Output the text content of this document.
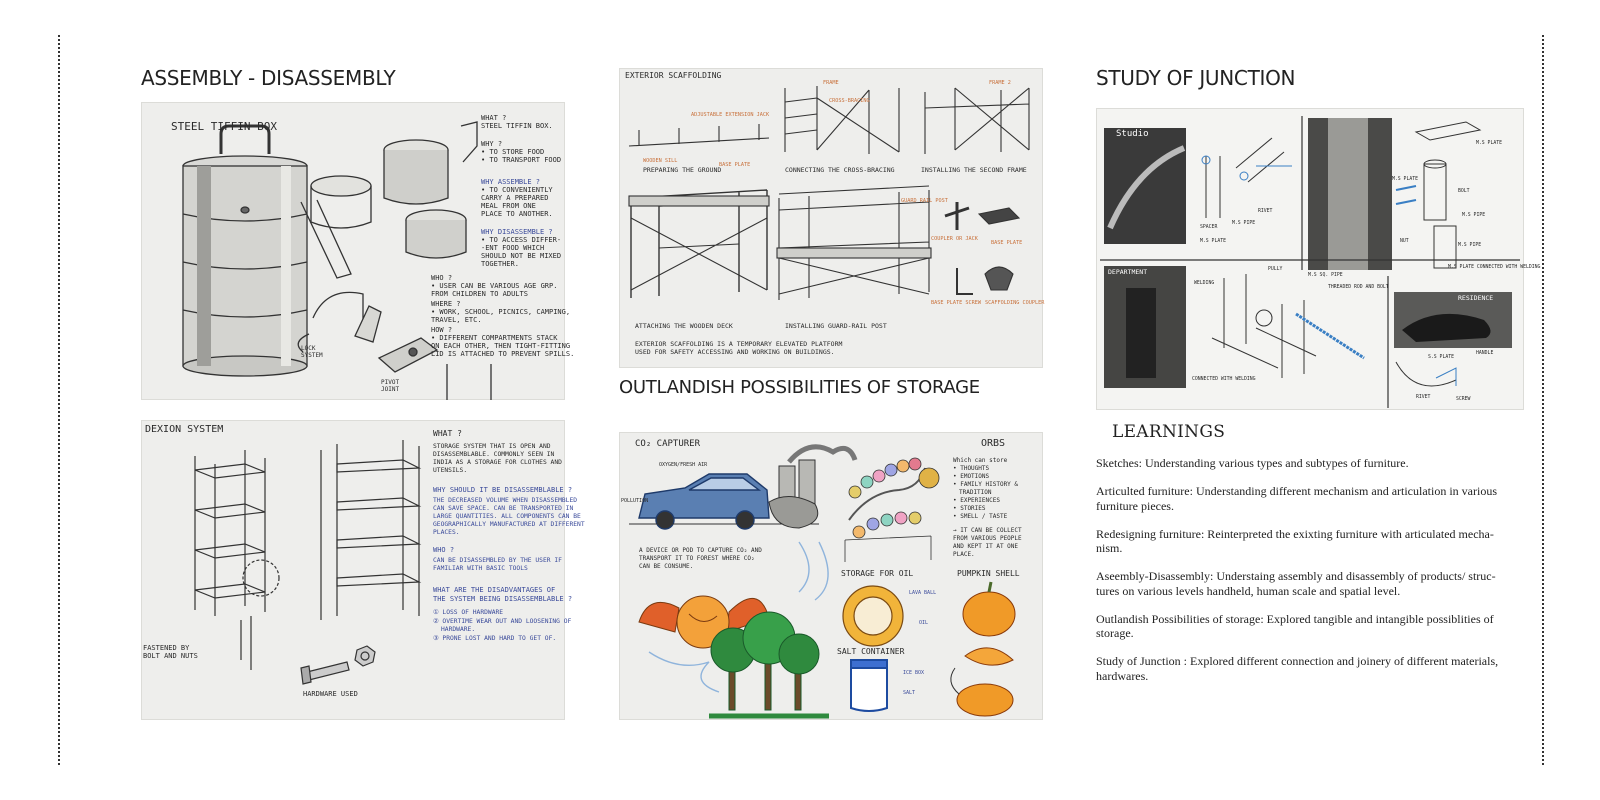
ASSEMBLY - DISASSEMBLY
OUTLANDISH POSSIBILITIES OF STORAGE
STUDY OF JUNCTION
STEEL TIFFIN BOX
WHAT ?
STEEL TIFFIN BOX.
WHY ?
• TO STORE FOOD
• TO TRANSPORT FOOD
WHY ASSEMBLE ?
• TO CONVENIENTLY
CARRY A PREPARED
MEAL FROM ONE
PLACE TO ANOTHER.
WHY DISASSEMBLE ?
• TO ACCESS DIFFER-
-ENT FOOD WHICH
SHOULD NOT BE MIXED
TOGETHER.
WHO ?
• USER CAN BE VARIOUS AGE GRP.
FROM CHILDREN TO ADULTS
WHERE ?
• WORK, SCHOOL, PICNICS, CAMPING,
TRAVEL, ETC.
HOW ?
• DIFFERENT COMPARTMENTS STACK
ON EACH OTHER, THEN TIGHT-FITTING
LID IS ATTACHED TO PREVENT SPILLS.
LOCK
SYSTEM
PIVOT
JOINT
DEXION SYSTEM	WHAT ?
STORAGE SYSTEM THAT IS OPEN AND
DISASSEMBLABLE. COMMONLY SEEN IN
INDIA AS A STORAGE FOR CLOTHES AND
UTENSILS.
WHY SHOULD IT BE DISASSEMBLABLE ?
THE DECREASED VOLUME WHEN DISASSEMBLED
CAN SAVE SPACE. CAN BE TRANSPORTED IN
LARGE QUANTITIES. ALL COMPONENTS CAN BE
GEOGRAPHICALLY MANUFACTURED AT DIFFERENT
PLACES.
WHO ?
CAN BE DISASSEMBLED BY THE USER IF
FAMILIAR WITH BASIC TOOLS
WHAT ARE THE DISADVANTAGES OF
THE SYSTEM BEING DISASSEMBLABLE ?
① LOSS OF HARDWARE
② OVERTIME WEAR OUT AND LOOSENING OF
HARDWARE.
③ PRONE LOST AND HARD TO GET OF.
FASTENED BY
BOLT AND NUTS
HARDWARE USED
EXTERIOR SCAFFOLDING
PREPARING THE GROUND	CONNECTING THE CROSS-BRACING	INSTALLING THE SECOND FRAME
ATTACHING THE WOODEN DECK	INSTALLING GUARD-RAIL POST
EXTERIOR SCAFFOLDING IS A TEMPORARY ELEVATED PLATFORM
USED FOR SAFETY ACCESSING AND WORKING ON BUILDINGS.
ADJUSTABLE EXTENSION JACK
BASE PLATE
WOODEN SILL
FRAME
CROSS-BRACING
FRAME 2
GUARD RAIL POST
COUPLER OR JACK
BASE PLATE
BASE PLATE SCREW SCAFFOLDING COUPLER
CO₂ CAPTURER
OXYGEN/FRESH AIR
POLLUTION
A DEVICE OR POD TO CAPTURE CO₂ AND
TRANSPORT IT TO FOREST WHERE CO₂
CAN BE CONSUME.
ORBS
Which can store
• THOUGHTS
• EMOTIONS
• FAMILY HISTORY &
TRADITION
• EXPERIENCES
• STORIES
• SMELL / TASTE
→ IT CAN BE COLLECT
FROM VARIOUS PEOPLE
AND KEPT IT AT ONE
PLACE.
STORAGE FOR OIL
LAVA BALL
OIL
SALT CONTAINER
ICE BOX
SALT
PUMPKIN SHELL
Studio
DEPARTMENT
RESIDENCE
SPACER
M.S PIPE
RIVET
M.S PLATE
M.S PLATE
BOLT
M.S PIPE
M.S PLATE
NUT
M.S PIPE
M.S PLATE CONNECTED WITH WELDING
WELDING
PULLY
M.S SQ. PIPE
THREADED ROD AND BOLT
CONNECTED WITH WELDING
S.S PLATE
HANDLE
RIVET	SCREW
LEARNINGS

Sketches: Understanding various types and subtypes of furniture.

Articulted furniture: Understanding different mechanism and articulation in various furniture pieces.

Redesigning furniture: Reinterpreted the exixting furniture with articulated mecha-nism.

Aseembly-Disassembly: Understaing assembly and disassembly of products/ struc-tures on various levels handheld, human scale and spatial level.

Outlandish Possibilities of storage: Explored tangible and intangible possiblities of storage.

Study of Junction : Explored different connection and joinery of different materials, hardwares.
